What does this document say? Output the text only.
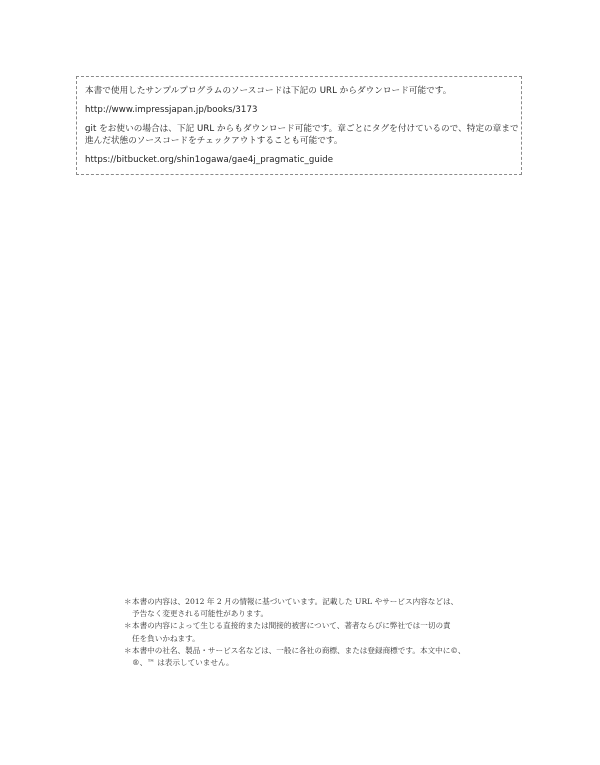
本書で使用したサンプルプログラムのソースコードは下記の URL からダウンロード可能です。

http://www.impressjapan.jp/books/3173

git をお使いの場合は、下記 URL からもダウンロード可能です。章ごとにタグを付けているので、特定の章まで

進んだ状態のソースコードをチェックアウトすることも可能です。

https://bitbucket.org/shin1ogawa/gae4j_pragmatic_guide

＊ 本書の内容は、2012 年 2 月の情報に基づいています。記載した URL やサービス内容などは、
予告なく変更される可能性があります。
＊ 本書の内容によって生じる直接的または間接的被害について、著者ならびに弊社では一切の責
任を負いかねます。
＊ 本書中の社名、製品・サービス名などは、一般に各社の商標、または登録商標です。本文中に©、
®、™ は表示していません。
